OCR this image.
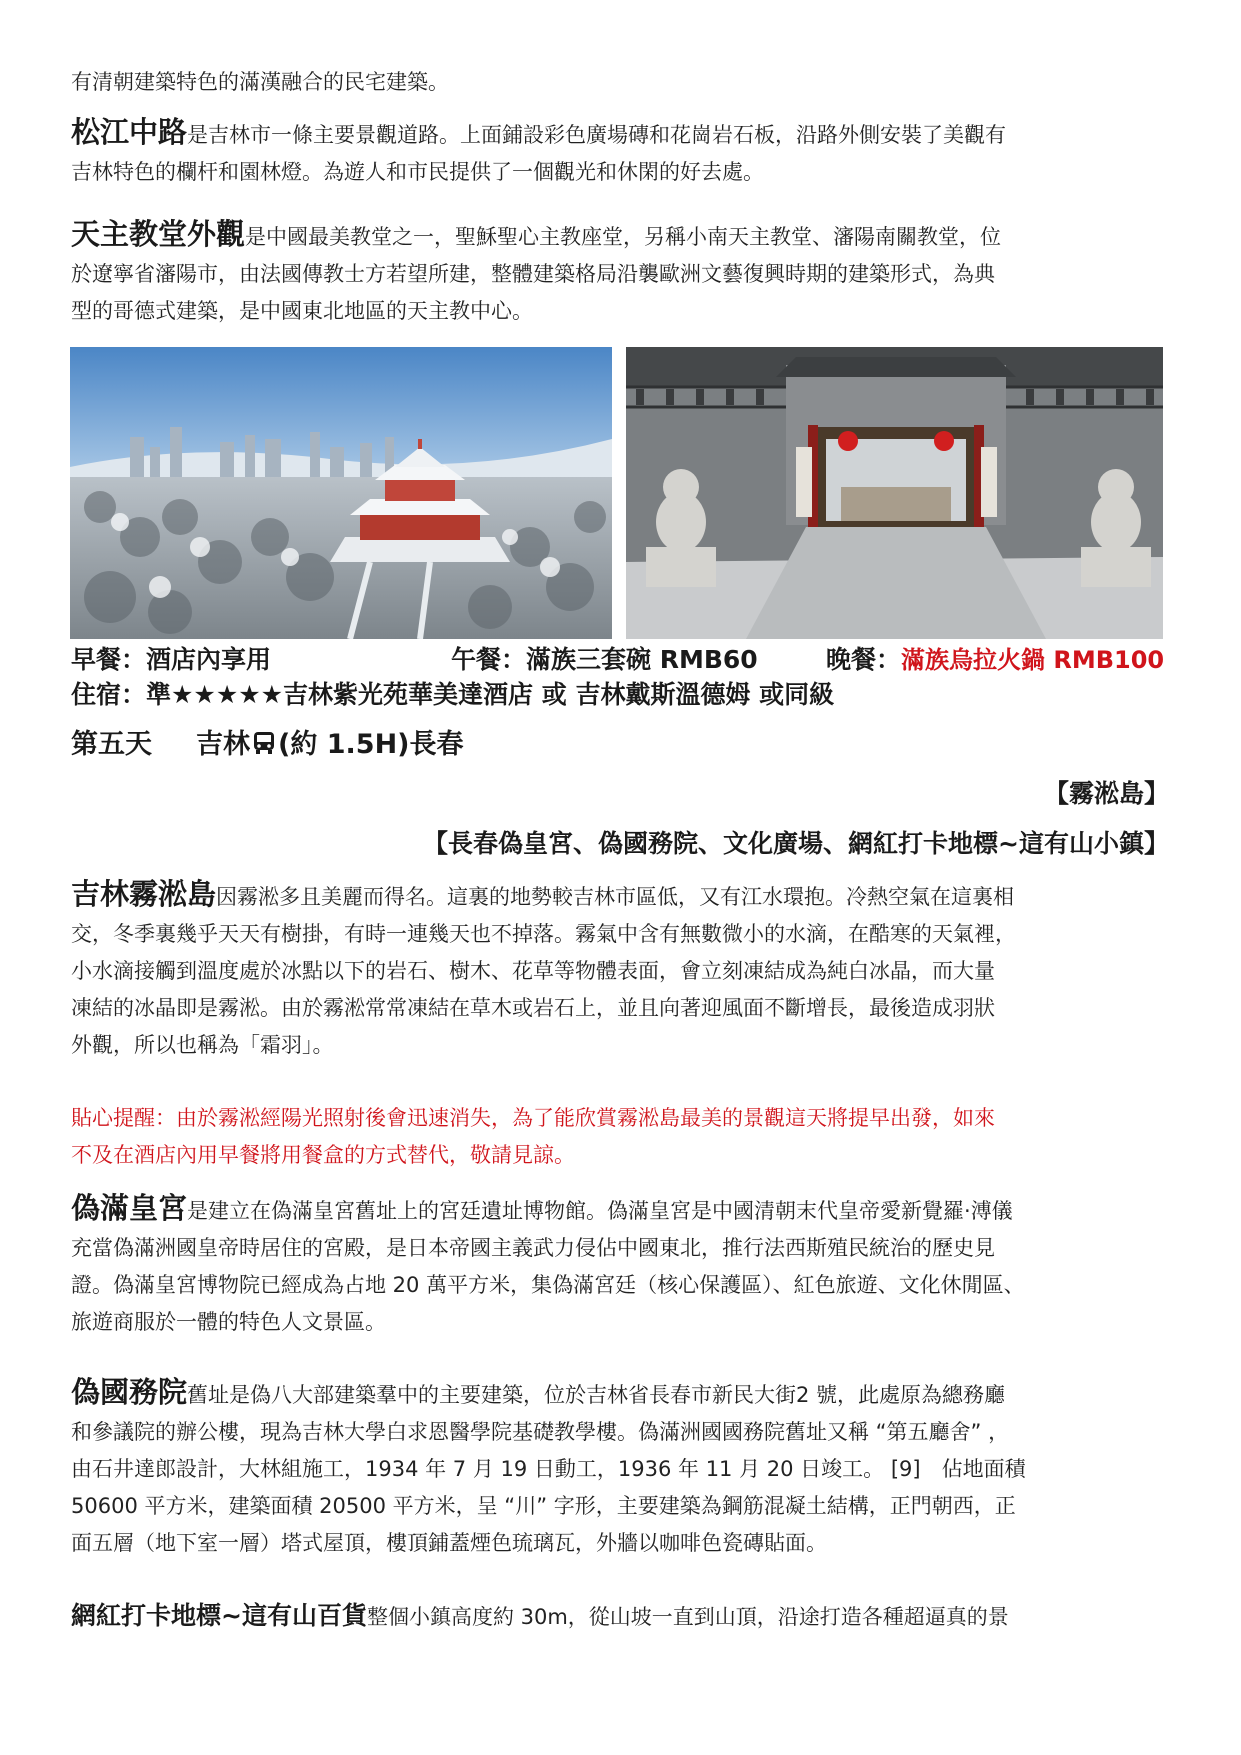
有清朝建築特色的滿漢融合的民宅建築。
松江中路是吉林市一條主要景觀道路。上面鋪設彩色廣場磚和花崗岩石板，沿路外側安裝了美觀有
吉林特色的欄杆和園林燈。為遊人和市民提供了一個觀光和休閑的好去處。
天主教堂外觀是中國最美教堂之一，聖穌聖心主教座堂，另稱小南天主教堂、瀋陽南關教堂，位
於遼寧省瀋陽市，由法國傳教士方若望所建，整體建築格局沿襲歐洲文藝復興時期的建築形式，為典
型的哥德式建築，是中國東北地區的天主教中心。
早餐：酒店內享用	午餐：滿族三套碗 RMB60	晚餐：滿族烏拉火鍋 RMB100
住宿：準★★★★★吉林紫光苑華美達酒店 或 吉林戴斯溫德姆 或同級
第五天 吉林 (約 1.5H)長春
【霧淞島】
【長春偽皇宮、偽國務院、文化廣場、網紅打卡地標~這有山小鎮】
吉林霧淞島因霧淞多且美麗而得名。這裏的地勢較吉林市區低，又有江水環抱。冷熱空氣在這裏相
交，冬季裏幾乎天天有樹掛，有時一連幾天也不掉落。霧氣中含有無數微小的水滴，在酷寒的天氣裡，
小水滴接觸到溫度處於冰點以下的岩石、樹木、花草等物體表面，會立刻凍結成為純白冰晶，而大量
凍結的冰晶即是霧淞。由於霧淞常常凍結在草木或岩石上，並且向著迎風面不斷增長，最後造成羽狀
外觀，所以也稱為「霜羽」。
貼心提醒：由於霧淞經陽光照射後會迅速消失，為了能欣賞霧淞島最美的景觀這天將提早出發，如來
不及在酒店內用早餐將用餐盒的方式替代，敬請見諒。
偽滿皇宮是建立在偽滿皇宮舊址上的宮廷遺址博物館。偽滿皇宮是中國清朝末代皇帝愛新覺羅·溥儀
充當偽滿洲國皇帝時居住的宮殿，是日本帝國主義武力侵佔中國東北，推行法西斯殖民統治的歷史見
證。偽滿皇宮博物院已經成為占地 20 萬平方米，集偽滿宮廷（核心保護區）、紅色旅遊、文化休閒區、
旅遊商服於一體的特色人文景區。
偽國務院舊址是偽八大部建築羣中的主要建築，位於吉林省長春市新民大街2 號，此處原為總務廳
和參議院的辦公樓，現為吉林大學白求恩醫學院基礎教學樓。偽滿洲國國務院舊址又稱 “第五廳舍” ，
由石井達郎設計，大林組施工，1934 年 7 月 19 日動工，1936 年 11 月 20 日竣工。 [9]　佔地面積
50600 平方米，建築面積 20500 平方米，呈 “川” 字形，主要建築為鋼筋混凝土結構，正門朝西，正
面五層（地下室一層）塔式屋頂，樓頂鋪蓋煙色琉璃瓦，外牆以咖啡色瓷磚貼面。
網紅打卡地標~這有山百貨整個小鎮高度約 30m，從山坡一直到山頂，沿途打造各種超逼真的景
